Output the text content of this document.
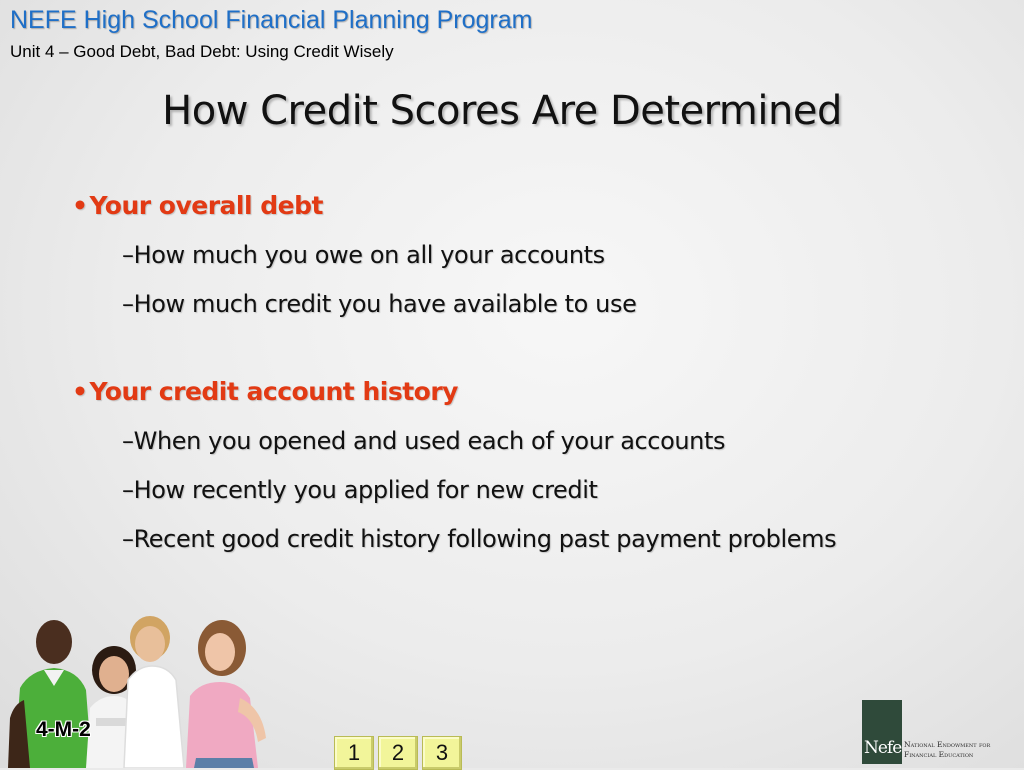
NEFE High School Financial Planning Program
Unit 4 – Good Debt, Bad Debt: Using Credit Wisely
How Credit Scores Are Determined
•Your overall debt
–How much you owe on all your accounts
–How much credit you have available to use
•Your credit account history
–When you opened and used each of your accounts
–How recently you applied for new credit
–Recent good credit history following past payment problems
4-M-2
1	2	3	Nefe National Endowment for
Financial Education
